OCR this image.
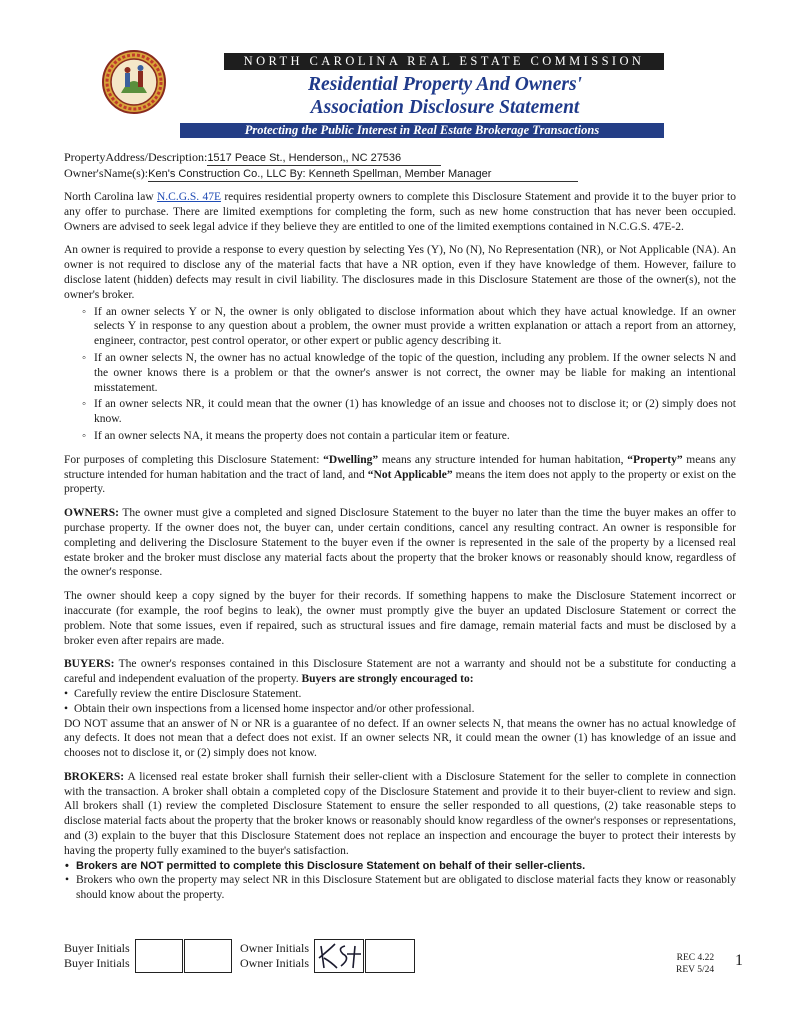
NORTH CAROLINA REAL ESTATE COMMISSION
Residential Property And Owners'
Association Disclosure Statement
Protecting the Public Interest in Real Estate Brokerage Transactions
PropertyAddress/Description:1517 Peace St., Henderson,, NC 27536
Owner'sName(s):Ken's Construction Co., LLC By: Kenneth Spellman, Member Manager

North Carolina law N.C.G.S. 47E requires residential property owners to complete this Disclosure Statement and provide it to the buyer prior to any offer to purchase. There are limited exemptions for completing the form, such as new home construction that has never been occupied. Owners are advised to seek legal advice if they believe they are entitled to one of the limited exemptions contained in N.C.G.S. 47E-2.

An owner is required to provide a response to every question by selecting Yes (Y), No (N), No Representation (NR), or Not Applicable (NA). An owner is not required to disclose any of the material facts that have a NR option, even if they have knowledge of them. However, failure to disclose latent (hidden) defects may result in civil liability. The disclosures made in this Disclosure Statement are those of the owner(s), not the owner's broker.

◦ If an owner selects Y or N, the owner is only obligated to disclose information about which they have actual knowledge. If an owner selects Y in response to any question about a problem, the owner must provide a written explanation or attach a report from an attorney, engineer, contractor, pest control operator, or other expert or public agency describing it.
◦ If an owner selects N, the owner has no actual knowledge of the topic of the question, including any problem. If the owner selects N and the owner knows there is a problem or that the owner's answer is not correct, the owner may be liable for making an intentional misstatement.
◦ If an owner selects NR, it could mean that the owner (1) has knowledge of an issue and chooses not to disclose it; or (2) simply does not know.
◦ If an owner selects NA, it means the property does not contain a particular item or feature.

For purposes of completing this Disclosure Statement: “Dwelling” means any structure intended for human habitation, “Property” means any structure intended for human habitation and the tract of land, and “Not Applicable” means the item does not apply to the property or exist on the property.

OWNERS: The owner must give a completed and signed Disclosure Statement to the buyer no later than the time the buyer makes an offer to purchase property. If the owner does not, the buyer can, under certain conditions, cancel any resulting contract. An owner is responsible for completing and delivering the Disclosure Statement to the buyer even if the owner is represented in the sale of the property by a licensed real estate broker and the broker must disclose any material facts about the property that the broker knows or reasonably should know, regardless of the owner's response.

The owner should keep a copy signed by the buyer for their records. If something happens to make the Disclosure Statement incorrect or inaccurate (for example, the roof begins to leak), the owner must promptly give the buyer an updated Disclosure Statement or correct the problem. Note that some issues, even if repaired, such as structural issues and fire damage, remain material facts and must be disclosed by a broker even after repairs are made.

BUYERS: The owner's responses contained in this Disclosure Statement are not a warranty and should not be a substitute for conducting a careful and independent evaluation of the property. Buyers are strongly encouraged to:

• Carefully review the entire Disclosure Statement.
• Obtain their own inspections from a licensed home inspector and/or other professional.

DO NOT assume that an answer of N or NR is a guarantee of no defect. If an owner selects N, that means the owner has no actual knowledge of any defects. It does not mean that a defect does not exist. If an owner selects NR, it could mean the owner (1) has knowledge of an issue and chooses not to disclose it, or (2) simply does not know.

BROKERS: A licensed real estate broker shall furnish their seller-client with a Disclosure Statement for the seller to complete in connection with the transaction. A broker shall obtain a completed copy of the Disclosure Statement and provide it to their buyer-client to review and sign. All brokers shall (1) review the completed Disclosure Statement to ensure the seller responded to all questions, (2) take reasonable steps to disclose material facts about the property that the broker knows or reasonably should know regardless of the owner's responses or representations, and (3) explain to the buyer that this Disclosure Statement does not replace an inspection and encourage the buyer to protect their interests by having the property fully examined to the buyer's satisfaction.

• Brokers are NOT permitted to complete this Disclosure Statement on behalf of their seller-clients.
• Brokers who own the property may select NR in this Disclosure Statement but are obligated to disclose material facts they know or reasonably should know about the property.
Buyer Initials
Buyer Initials
Owner Initials
Owner Initials	REC 4.22
REV 5/24
1
